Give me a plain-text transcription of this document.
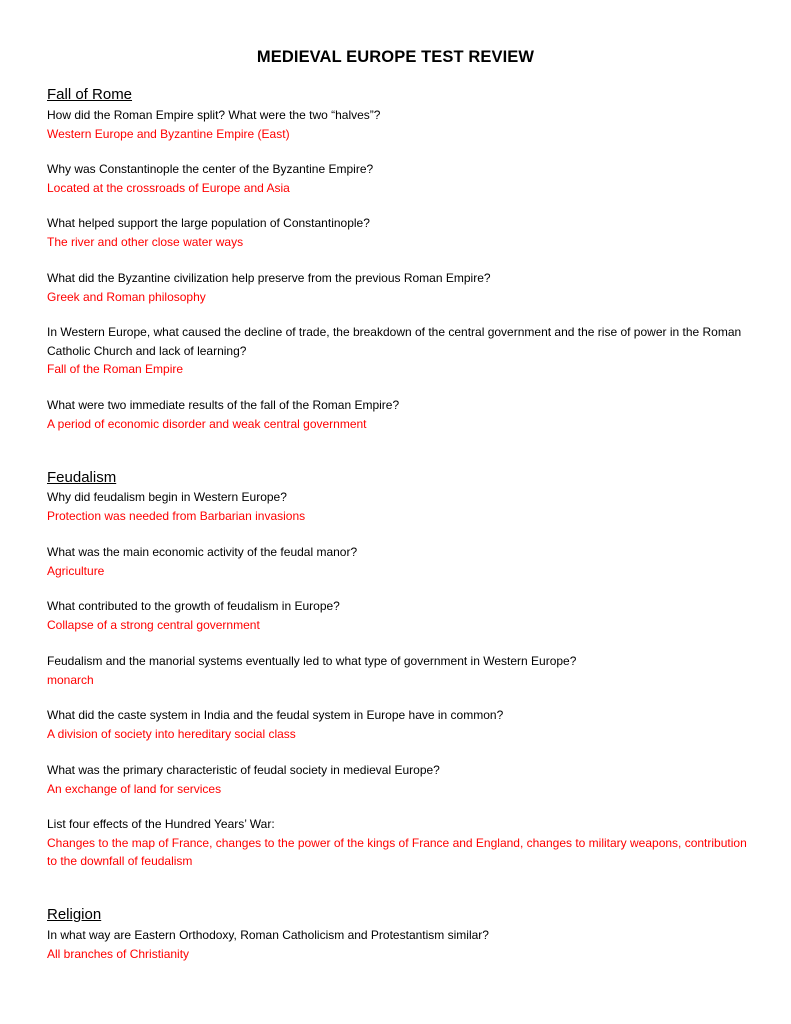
MEDIEVAL EUROPE TEST REVIEW
Fall of Rome
How did the Roman Empire split? What were the two “halves”?
Western Europe and Byzantine Empire (East)
Why was Constantinople the center of the Byzantine Empire?
Located at the crossroads of Europe and Asia
What helped support the large population of Constantinople?
The river and other close water ways
What did the Byzantine civilization help preserve from the previous Roman Empire?
Greek and Roman philosophy
In Western Europe, what caused the decline of trade, the breakdown of the central government and the rise of power in the Roman Catholic Church and lack of learning?
Fall of the Roman Empire
What were two immediate results of the fall of the Roman Empire?
A period of economic disorder and weak central government
Feudalism
Why did feudalism begin in Western Europe?
Protection was needed from Barbarian invasions
What was the main economic activity of the feudal manor?
Agriculture
What contributed to the growth of feudalism in Europe?
Collapse of a strong central government
Feudalism and the manorial systems eventually led to what type of government in Western Europe?
monarch
What did the caste system in India and the feudal system in Europe have in common?
A division of society into hereditary social class
What was the primary characteristic of feudal society in medieval Europe?
An exchange of land for services
List four effects of the Hundred Years’ War:
Changes to the map of France, changes to the power of the kings of France and England, changes to military weapons, contribution to the downfall of feudalism
Religion
In what way are Eastern Orthodoxy, Roman Catholicism and Protestantism similar?
All branches of Christianity
